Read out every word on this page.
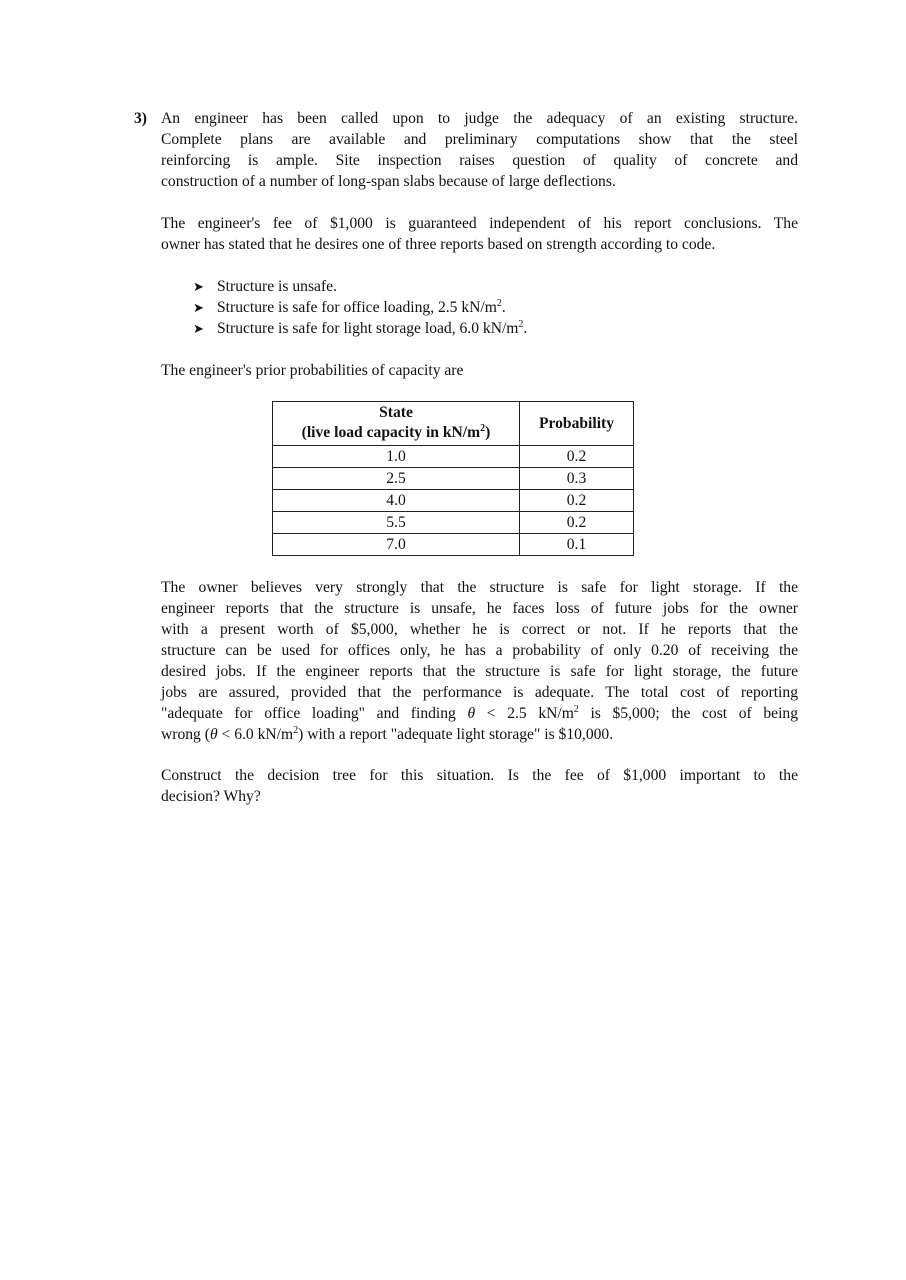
3) An engineer has been called upon to judge the adequacy of an existing structure.
Complete plans are available and preliminary computations show that the steel
reinforcing is ample. Site inspection raises question of quality of concrete and
construction of a number of long-span slabs because of large deflections.
The engineer's fee of $1,000 is guaranteed independent of his report conclusions. The
owner has stated that he desires one of three reports based on strength according to code.
➤ Structure is unsafe.
➤ Structure is safe for office loading, 2.5 $kN/m^2$.
➤ Structure is safe for light storage load, 6.0 $kN/m^2$.
The engineer's prior probabilities of capacity are
State
(live load capacity in $kN/m^2$)	Probability
1.0	0.2
2.5	0.3
4.0	0.2
5.5	0.2
7.0	0.1
The owner believes very strongly that the structure is safe for light storage. If the
engineer reports that the structure is unsafe, he faces loss of future jobs for the owner
with a present worth of $5,000, whether he is correct or not. If he reports that the
structure can be used for offices only, he has a probability of only 0.20 of receiving the
desired jobs. If the engineer reports that the structure is safe for light storage, the future
jobs are assured, provided that the performance is adequate. The total cost of reporting
"adequate for office loading" and finding θ < 2.5 $kN/m^2$ is $5,000; the cost of being
wrong (θ < 6.0 $kN/m^2$) with a report "adequate light storage" is $10,000.
Construct the decision tree for this situation. Is the fee of $1,000 important to the
decision? Why?
